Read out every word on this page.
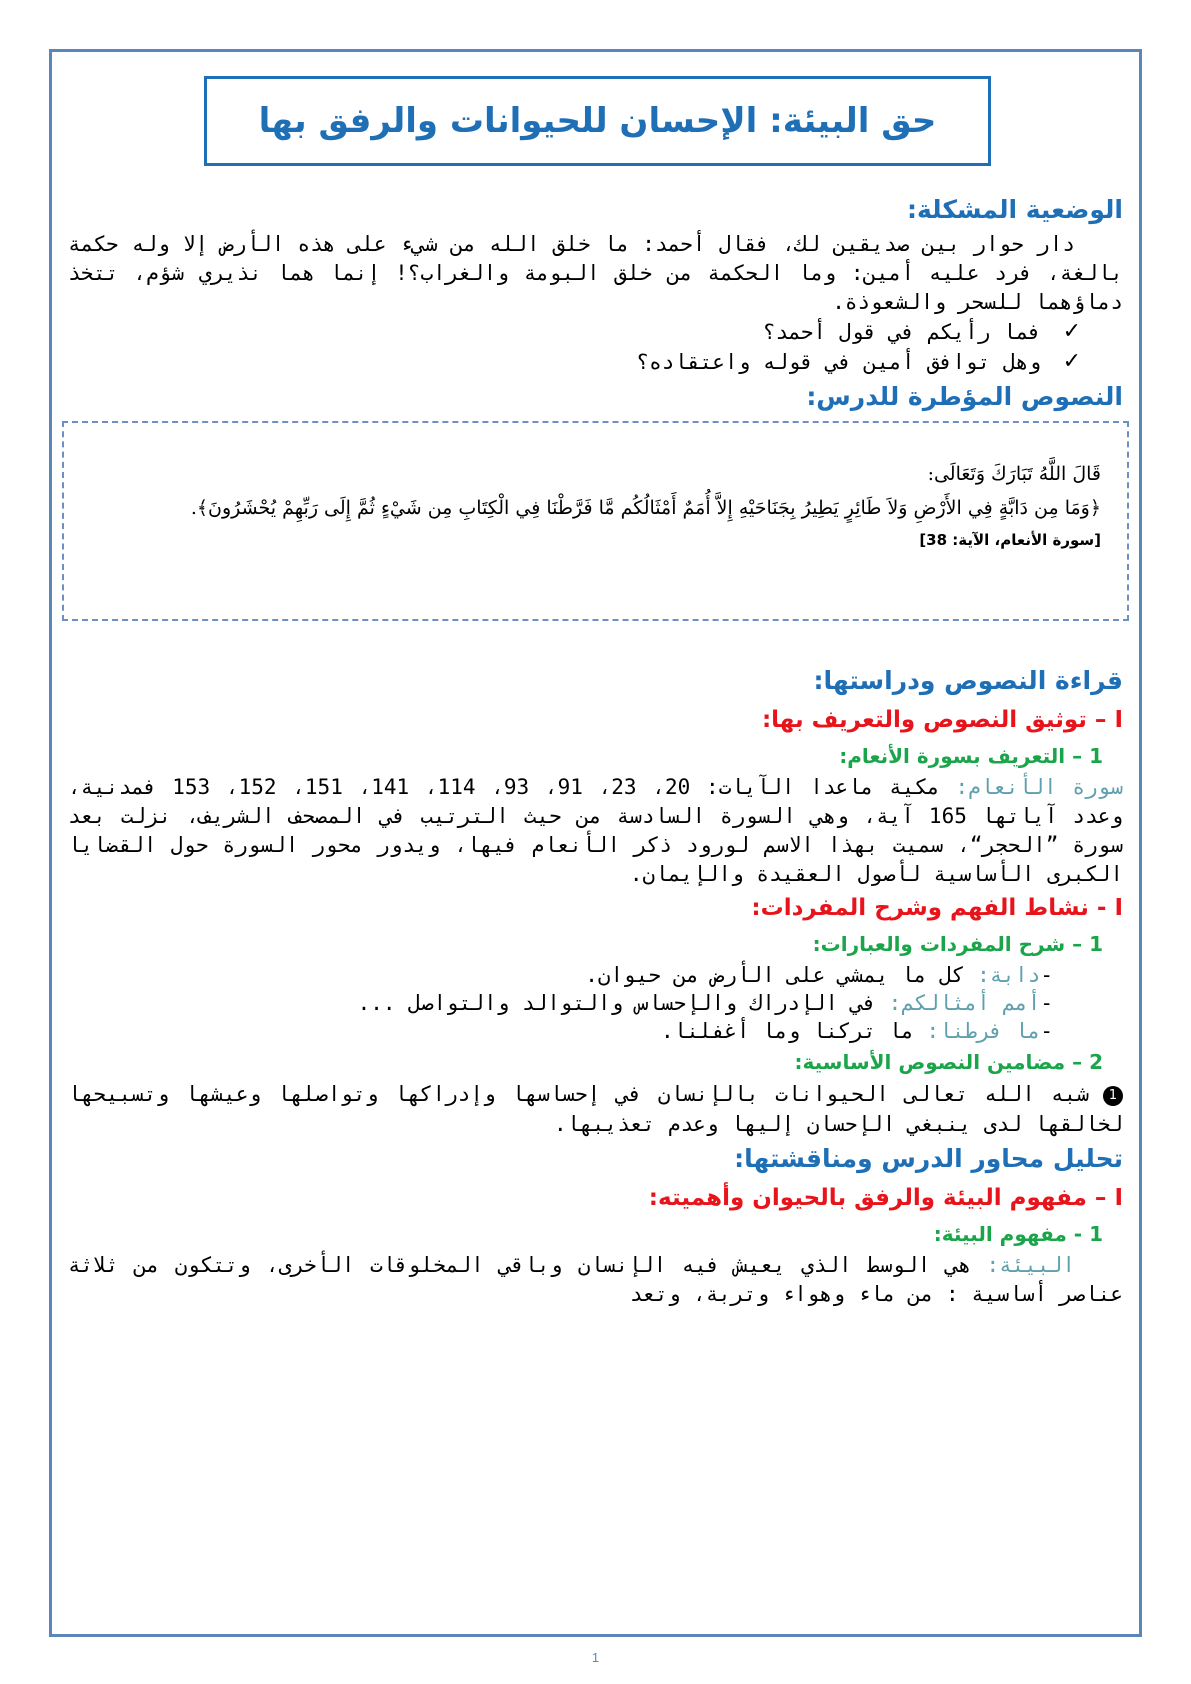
حق البيئة: الإحسان للحيوانات والرفق بها
الوضعية المشكلة:

دار حوار بين صديقين لك، فقال أحمد: ما خلق الله من شيء على هذه الأرض إلا وله حكمة بالغة، فرد عليه أمين: وما الحكمة من خلق البومة والغراب؟! إنما هما نذيري شؤم، تتخذ دماؤهما للسحر والشعوذة.

✓
فما رأيكم في قول أحمد؟
✓
وهل توافق أمين في قوله واعتقاده؟
النصوص المؤطرة للدرس:

قَالَ اللَّهُ تَبَارَكَ وَتَعَالَى:

﴿وَمَا مِن دَابَّةٍ فِي الأَرْضِ وَلاَ طَائِرٍ يَطِيرُ بِجَنَاحَيْهِ إِلاَّ أُمَمٌ أَمْثَالُكُم مَّا فَرَّطْنَا فِي الْكِتَابِ مِن شَيْءٍ ثُمَّ إِلَى رَبِّهِمْ يُحْشَرُونَ﴾.

[سورة الأنعام، الآية: 38]

قراءة النصوص ودراستها:
I – توثيق النصوص والتعريف بها:
1 – التعريف بسورة الأنعام:

سورة الأنعام: مكية ماعدا الآيات: 20، 23، 91، 93، 114، 141، 151، 152، 153 فمدنية، وعدد آياتها 165 آية، وهي السورة السادسة من حيث الترتيب في المصحف الشريف، نزلت بعد سورة ”الحجر“، سميت بهذا الاسم لورود ذكر الأنعام فيها، ويدور محور السورة حول القضايا الكبرى الأساسية لأصول العقيدة والإيمان.

I - نشاط الفهم وشرح المفردات:
1 – شرح المفردات والعبارات:
-دابة: كل ما يمشي على الأرض من حيوان.
-أمم أمثالكم: في الإدراك والإحساس والتوالد والتواصل ...
-ما فرطنا: ما تركنا وما أغفلنا.
2 – مضامين النصوص الأساسية:

1شبه الله تعالى الحيوانات بالإنسان في إحساسها وإدراكها وتواصلها وعيشها وتسبيحها لخالقها لدى ينبغي الإحسان إليها وعدم تعذيبها.

تحليل محاور الدرس ومناقشتها:
I – مفهوم البيئة والرفق بالحيوان وأهميته:
1 - مفهوم البيئة:

البيئة: هي الوسط الذي يعيش فيه الإنسان وباقي المخلوقات الأخرى، وتتكون من ثلاثة عناصر أساسية : من ماء وهواء وتربة، وتعد

1
